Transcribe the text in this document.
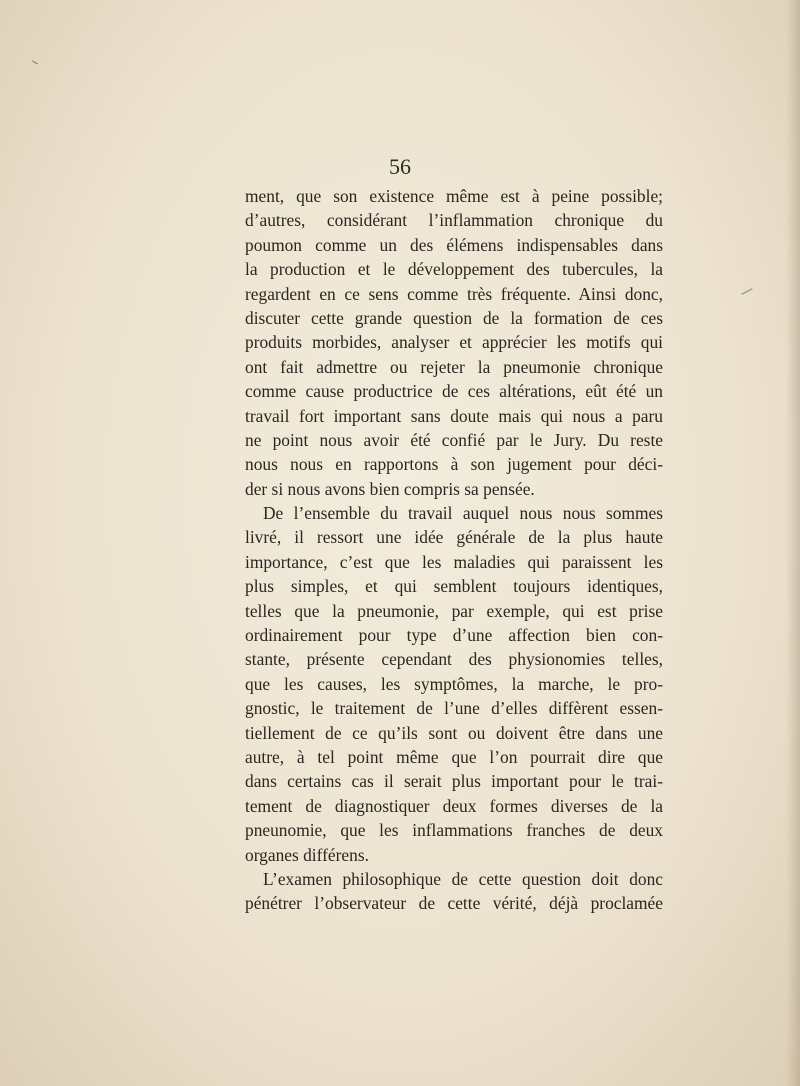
56
ment, que son existence même est à peine possible;
d’autres, considérant l’inflammation chronique du
poumon comme un des élémens indispensables dans
la production et le développement des tubercules, la
regardent en ce sens comme très fréquente. Ainsi donc,
discuter cette grande question de la formation de ces
produits morbides, analyser et apprécier les motifs qui
ont fait admettre ou rejeter la pneumonie chronique
comme cause productrice de ces altérations, eût été un
travail fort important sans doute mais qui nous a paru
ne point nous avoir été confié par le Jury. Du reste
nous nous en rapportons à son jugement pour déci-
der si nous avons bien compris sa pensée.
De l’ensemble du travail auquel nous nous sommes
livré, il ressort une idée générale de la plus haute
importance, c’est que les maladies qui paraissent les
plus simples, et qui semblent toujours identiques,
telles que la pneumonie, par exemple, qui est prise
ordinairement pour type d’une affection bien con-
stante, présente cependant des physionomies telles,
que les causes, les symptômes, la marche, le pro-
gnostic, le traitement de l’une d’elles diffèrent essen-
tiellement de ce qu’ils sont ou doivent être dans une
autre, à tel point même que l’on pourrait dire que
dans certains cas il serait plus important pour le trai-
tement de diagnostiquer deux formes diverses de la
pneunomie, que les inflammations franches de deux
organes différens.
L’examen philosophique de cette question doit donc
pénétrer l’observateur de cette vérité, déjà proclamée
